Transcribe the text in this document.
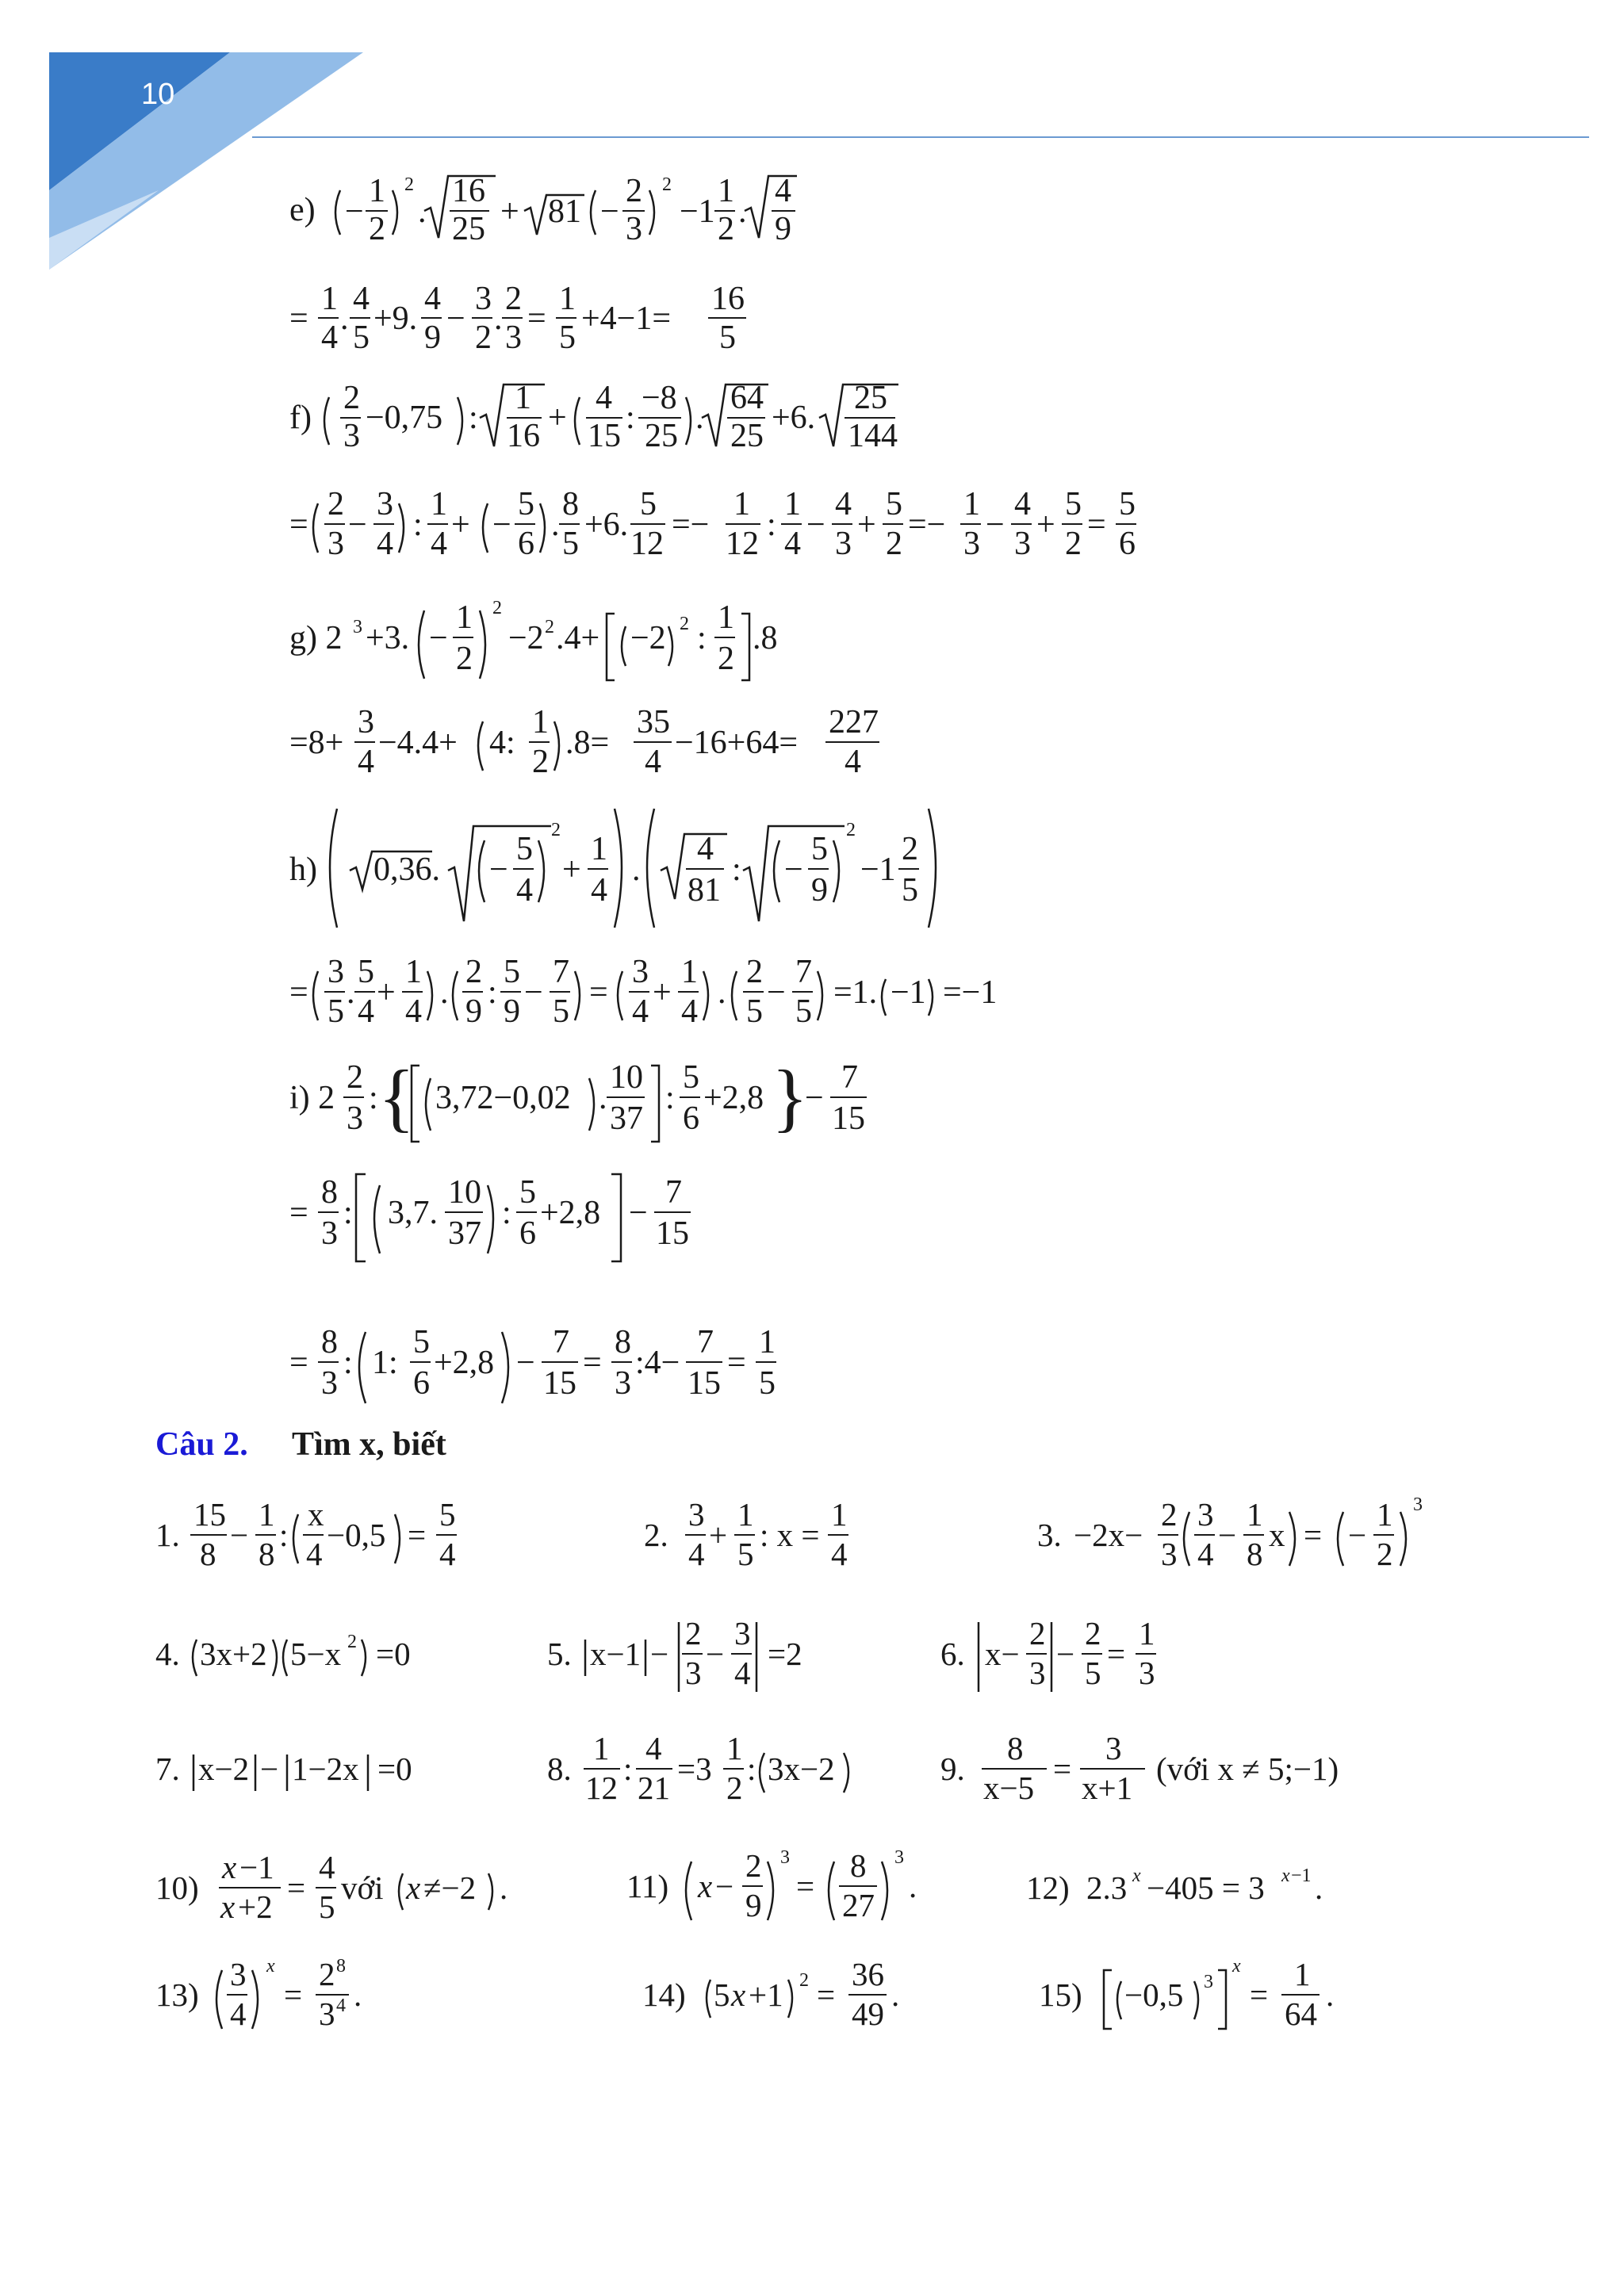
10
e) −
1
2
2
.
16
25 + 81 −
2
3
2
−1
1
2 .
4
9
=
1
4
.
4
5
+9.
4
9
−
3
2
.
2
3
=
1
5
+4−1=
16
5
f)
2
3 −0,75 :
1
16 +
4
15 :
−8
25 .
64
25 +6.
25
144
=
2
3
−
3
4
:
1
4
+ −
5
6
.
8
5
+6.
5
12
=−
1
12
:
1
4
−
4
3
+
5
2
=−
1
3
−
4
3
+
5
2
=
5
6
g) 2 3 +3. −
1
2
2
−2 2 .4+ −2 2 :
1
2
.8
=8+
3
4
−4.4+ 4:
1
2
.8=
35
4
−16+64=
227
4
h) 0,36. −
5
4
2
+
1
4
.
4
81
: −
5
9
2
−1
2
5
=
3
5
.
5
4
+
1
4
.
2
9
:
5
9
−
7
5
=
3
4
+
1
4
.
2
5
−
7
5
=1. −1 =−1
i) 2
2
3
: { 3,72−0,02 .
10
37
:
5
6
+2,8 }
−
7
15
=
8
3
: 3,7.
10
37
:
5
6
+2,8 −
7
15
=
8
3
: 1:
5
6
+2,8 −
7
15
=
8
3
:4−
7
15
=
1
5
Câu 2. Tìm x, biết
1.
15
8
−
1
8
:
x
4
−0,5 =
5
4
2.
3
4
+
1
5
: x =
1
4
3. −2x−
2
3
3
4
−
1
8
x = −
1
2
3
4. 3x+2 5−x 2 =0	5. x−1 −
2
3
−
3
4
=2	6. x−
2
3
−
2
5
=
1
3
7. x−2 − 1−2x =0	8.
1
12
:
4
21
=3
1
2
: 3x−2	9.
8
x−5
=
3
x+1
(với x ≠ 5;−1)
10)
x −1
x +2
=
4
5
với x ≠−2 .	11) x −
2
9
3
=
8
27
3
.	12) 2.3 x −405 = 3 x −1 .
13)
3
4
x
=
2 8
3 4 .	14) 5 x +1 2 =
36
49
.	15) −0,5 3
x
=
1
64
.
